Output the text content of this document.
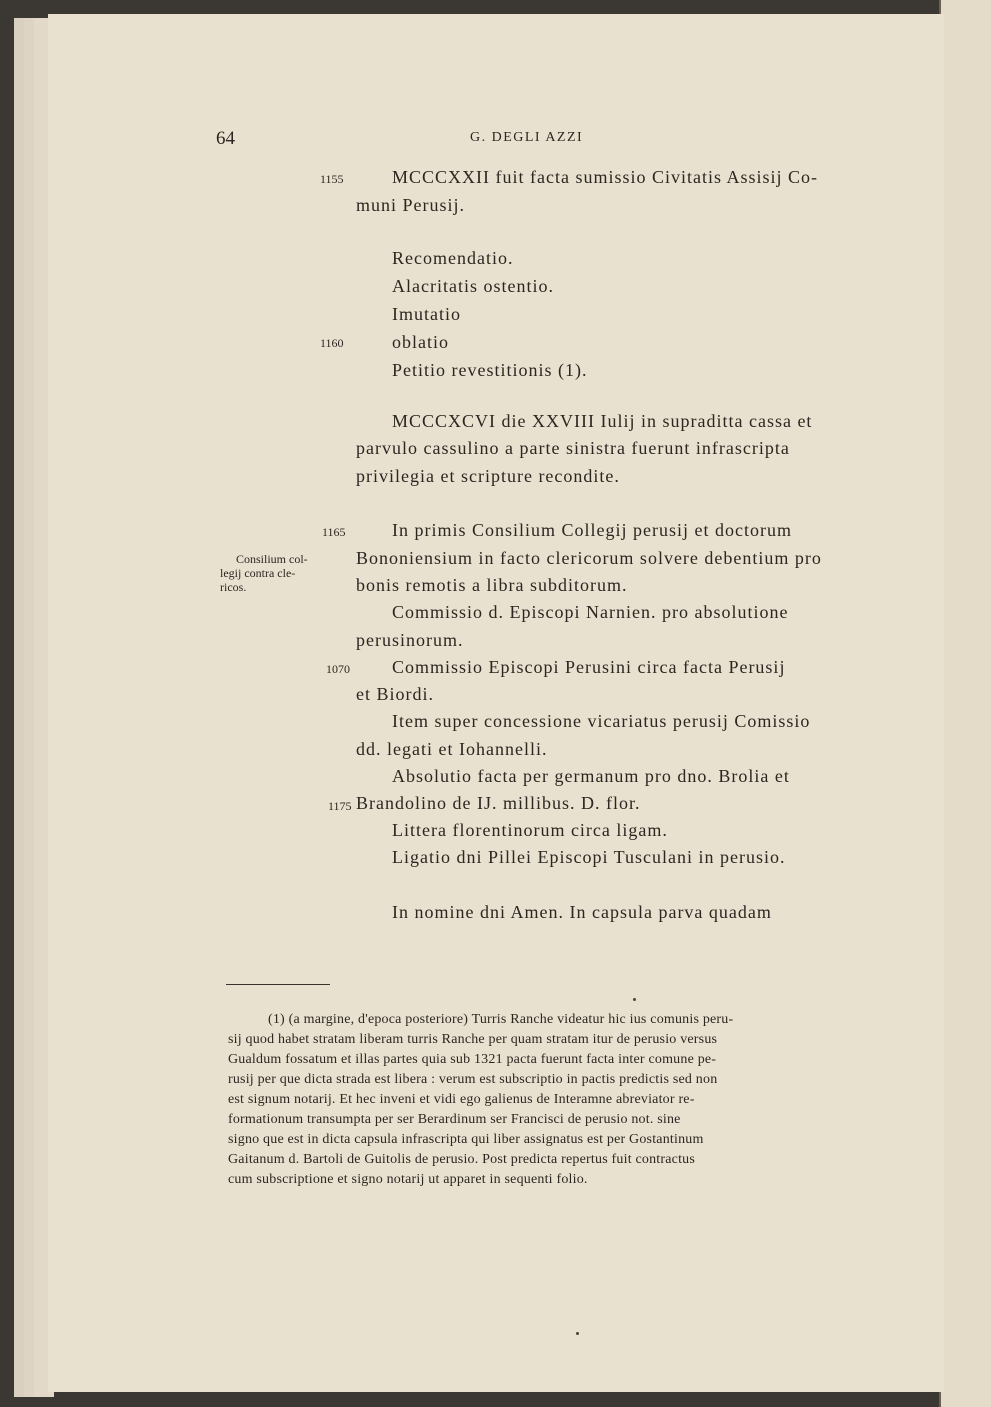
64	G. DEGLI AZZI
1155
1160
1165
1070
1175
Consilium col-
legij contra cle-
ricos.
MCCCXXII fuit facta sumissio Civitatis Assisij Co-
muni Perusij.
Recomendatio.
Alacritatis ostentio.
Imutatio
oblatio
Petitio revestitionis (1).
MCCCXCVI die XXVIII Iulij in supraditta cassa et
parvulo cassulino a parte sinistra fuerunt infrascripta
privilegia et scripture recondite.
In primis Consilium Collegij perusij et doctorum
Bononiensium in facto clericorum solvere debentium pro
bonis remotis a libra subditorum.
Commissio d. Episcopi Narnien. pro absolutione
perusinorum.
Commissio Episcopi Perusini circa facta Perusij
et Biordi.
Item super concessione vicariatus perusij Comissio
dd. legati et Iohannelli.
Absolutio facta per germanum pro dno. Brolia et
Brandolino de IJ. millibus. D. flor.
Littera florentinorum circa ligam.
Ligatio dni Pillei Episcopi Tusculani in perusio.
In nomine dni Amen. In capsula parva quadam
(1) (a margine, d'epoca posteriore) Turris Ranche videatur hic ius comunis peru-
sij quod habet stratam liberam turris Ranche per quam stratam itur de perusio versus
Gualdum fossatum et illas partes quia sub 1321 pacta fuerunt facta inter comune pe-
rusij per que dicta strada est libera : verum est subscriptio in pactis predictis sed non
est signum notarij. Et hec inveni et vidi ego galienus de Interamne abreviator re-
formationum transumpta per ser Berardinum ser Francisci de perusio not. sine
signo que est in dicta capsula infrascripta qui liber assignatus est per Gostantinum
Gaitanum d. Bartoli de Guitolis de perusio. Post predicta repertus fuit contractus
cum subscriptione et signo notarij ut apparet in sequenti folio.
